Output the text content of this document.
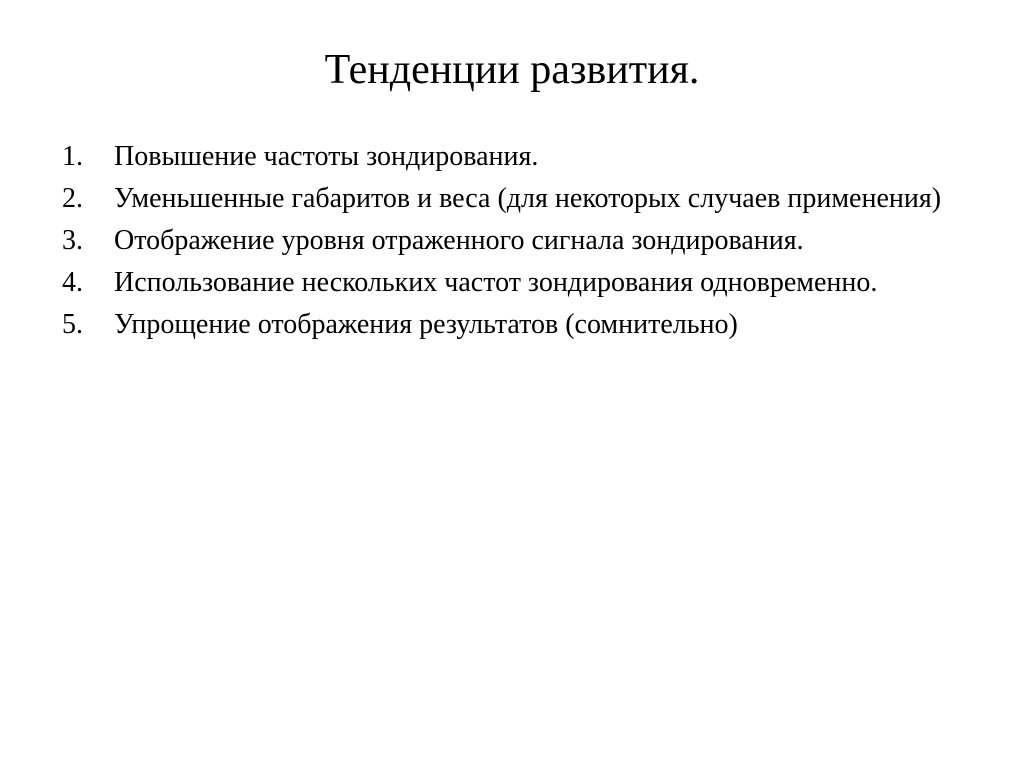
Тенденции развития.
1.	Повышение частоты зондирования.
2.	Уменьшенные габаритов и веса (для некоторых случаев применения)
3.	Отображение уровня отраженного сигнала зондирования.
4.	Использование нескольких частот зондирования одновременно.
5.	Упрощение отображения результатов (сомнительно)
